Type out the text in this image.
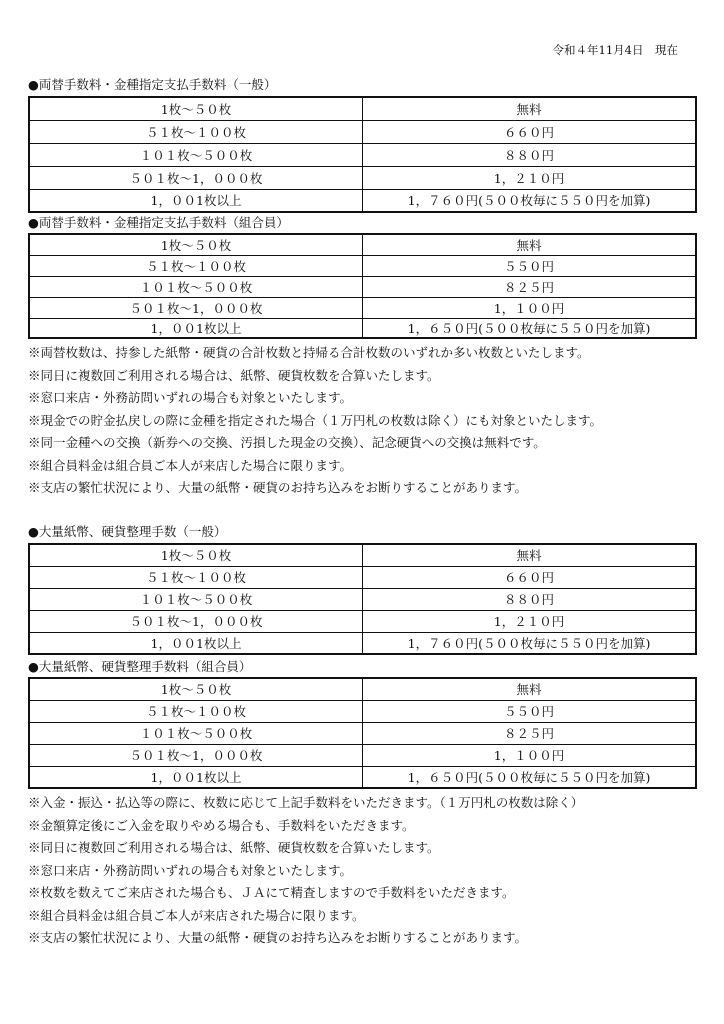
令和４年11月4日　現在
●両替手数料・金種指定支払手数料（一般）
1枚～５０枚	無料
５１枚～１００枚	６６０円
１０１枚～５００枚	８８０円
５０１枚～1，０００枚	1，２１０円
1，００1枚以上	1，７６０円(５００枚毎に５５０円を加算)
●両替手数料・金種指定支払手数料（組合員）
1枚～５０枚	無料
５１枚～１００枚	５５０円
１０１枚～５００枚	８２５円
５０１枚～1，０００枚	1，１００円
1，００1枚以上	1，６５０円(５００枚毎に５５０円を加算)
※両替枚数は、持参した紙幣・硬貨の合計枚数と持帰る合計枚数のいずれか多い枚数といたします。
※同日に複数回ご利用される場合は、紙幣、硬貨枚数を合算いたします。
※窓口来店・外務訪問いずれの場合も対象といたします。
※現金での貯金払戻しの際に金種を指定された場合（１万円札の枚数は除く）にも対象といたします。
※同一金種への交換（新券への交換、汚損した現金の交換）、記念硬貨への交換は無料です。
※組合員料金は組合員ご本人が来店した場合に限ります。
※支店の繁忙状況により、大量の紙幣・硬貨のお持ち込みをお断りすることがあります。
●大量紙幣、硬貨整理手数（一般）
1枚～５０枚	無料
５１枚～１００枚	６６０円
１０１枚～５００枚	８８０円
５０１枚～1，０００枚	1，２１０円
1，００1枚以上	1，７６０円(５００枚毎に５５０円を加算)
●大量紙幣、硬貨整理手数料（組合員）
1枚～５０枚	無料
５１枚～１００枚	５５０円
１０１枚～５００枚	８２５円
５０１枚～1，０００枚	1，１００円
1，００1枚以上	1，６５０円(５００枚毎に５５０円を加算)
※入金・振込・払込等の際に、枚数に応じて上記手数料をいただきます。（１万円札の枚数は除く）
※金額算定後にご入金を取りやめる場合も、手数料をいただきます。
※同日に複数回ご利用される場合は、紙幣、硬貨枚数を合算いたします。
※窓口来店・外務訪問いずれの場合も対象といたします。
※枚数を数えてご来店された場合も、ＪＡにて精査しますので手数料をいただきます。
※組合員料金は組合員ご本人が来店された場合に限ります。
※支店の繁忙状況により、大量の紙幣・硬貨のお持ち込みをお断りすることがあります。
